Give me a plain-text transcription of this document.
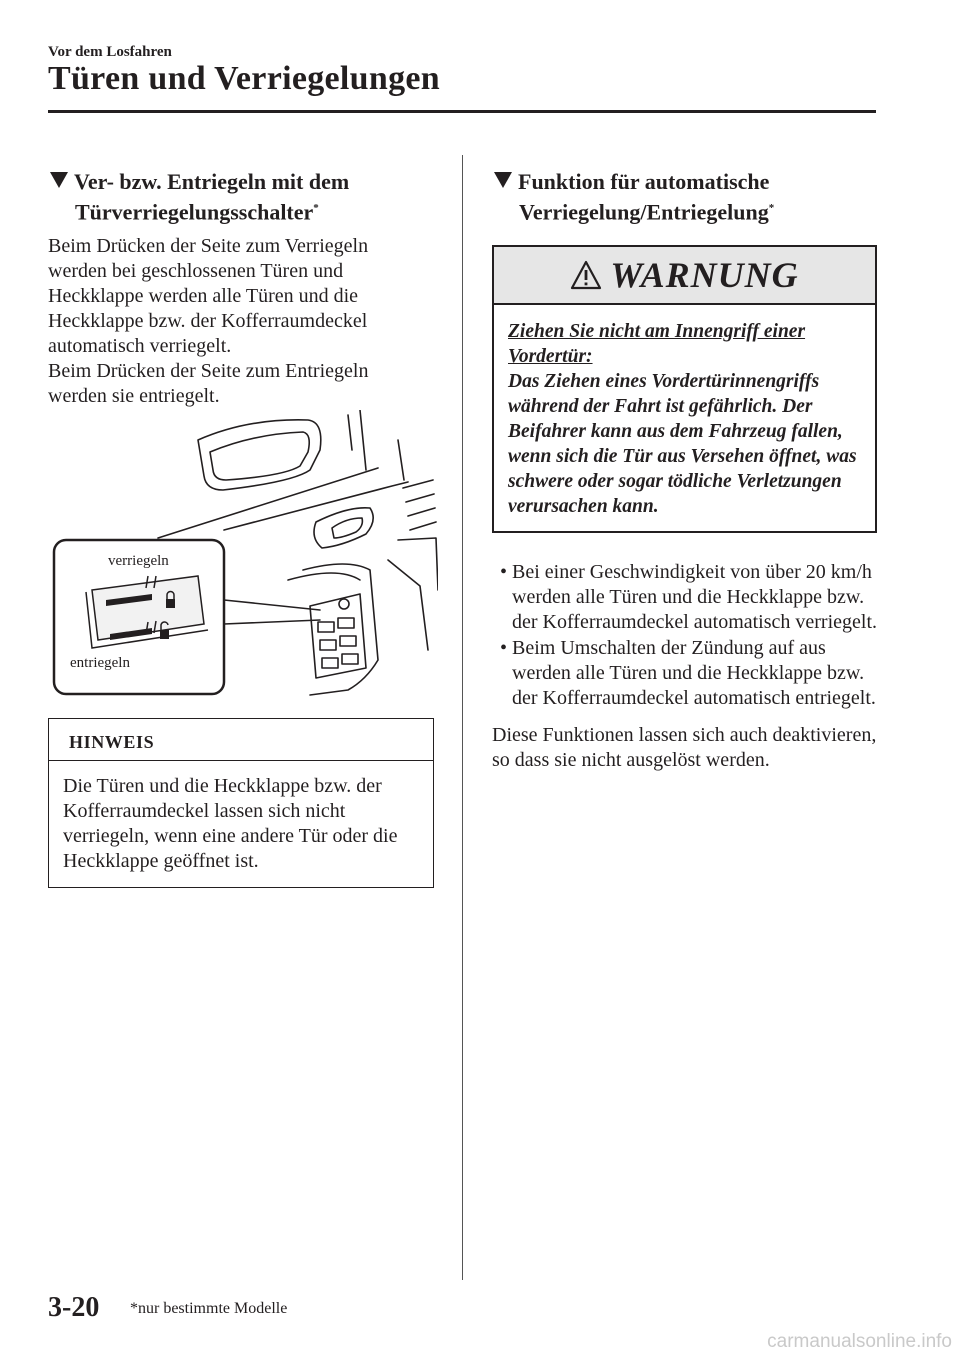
Vor dem Losfahren
Türen und Verriegelungen
Ver- bzw. Entriegeln mit dem
Türverriegelungsschalter*

Beim Drücken der Seite zum Verriegeln werden bei geschlossenen Türen und Heckklappe werden alle Türen und die Heckklappe bzw. der Kofferraumdeckel automatisch verriegelt.

Beim Drücken der Seite zum Entriegeln werden sie entriegelt.

verriegeln
entriegeln
HINWEIS
Die Türen und die Heckklappe bzw. der Kofferraumdeckel lassen sich nicht verriegeln, wenn eine andere Tür oder die Heckklappe geöffnet ist.
Funktion für automatische
Verriegelung/Entriegelung*
WARNUNG
Ziehen Sie nicht am Innengriff einer Vordertür:
Das Ziehen eines Vordertürinnengriffs während der Fahrt ist gefährlich. Der Beifahrer kann aus dem Fahrzeug fallen, wenn sich die Tür aus Versehen öffnet, was schwere oder sogar tödliche Verletzungen verursachen kann.
• Bei einer Geschwindigkeit von über 20 km/h werden alle Türen und die Heckklappe bzw. der Kofferraumdeckel automatisch verriegelt.
• Beim Umschalten der Zündung auf aus werden alle Türen und die Heckklappe bzw. der Kofferraumdeckel automatisch entriegelt.

Diese Funktionen lassen sich auch deaktivieren, so dass sie nicht ausgelöst werden.

3-20 *nur bestimmte Modelle
carmanualsonline.info
